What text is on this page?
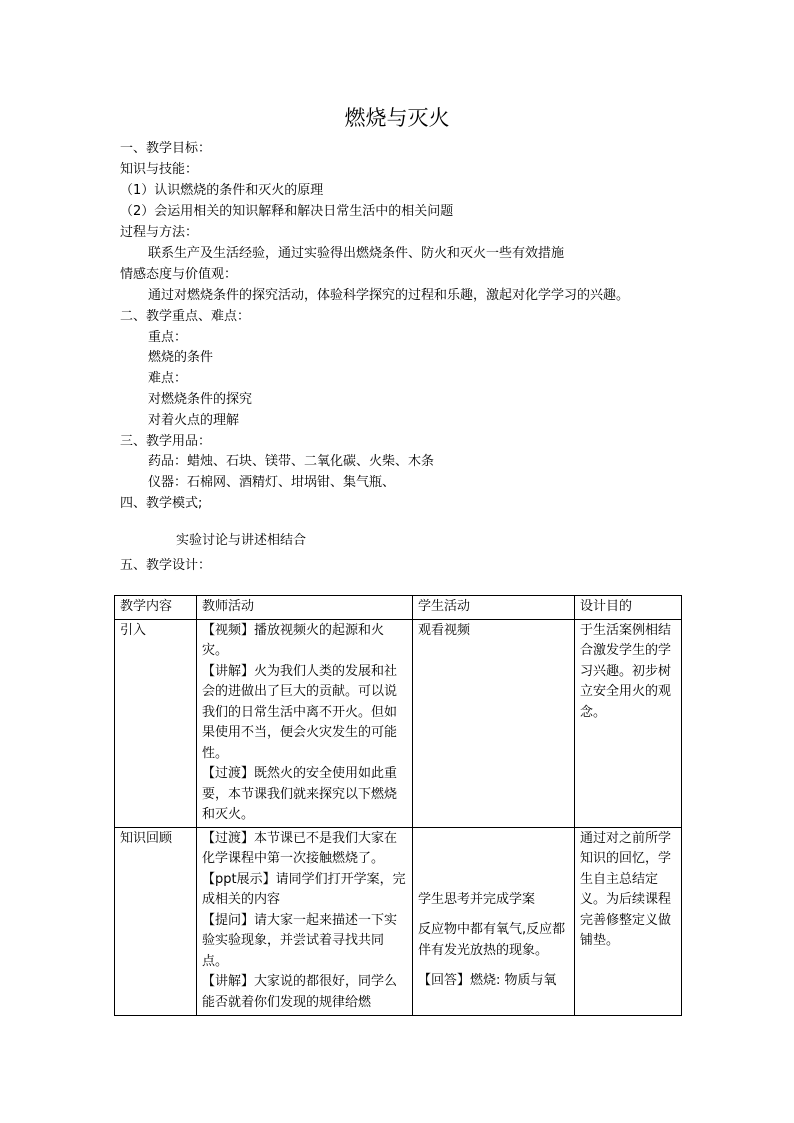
燃烧与灭火
一、教学目标：
知识与技能：
（1）认识燃烧的条件和灭火的原理
（2）会运用相关的知识解释和解决日常生活中的相关问题
过程与方法：
联系生产及生活经验，通过实验得出燃烧条件、防火和灭火一些有效措施
情感态度与价值观：
通过对燃烧条件的探究活动，体验科学探究的过程和乐趣，激起对化学学习的兴趣。
二、教学重点、难点：
重点：
燃烧的条件
难点：
对燃烧条件的探究
对着火点的理解
三、教学用品：
药品：蜡烛、石块、镁带、二氧化碳、火柴、木条
仪器：石棉网、酒精灯、坩埚钳、集气瓶、
四、教学模式;
实验讨论与讲述相结合
五、教学设计：
教学内容	教师活动	学生活动	设计目的
引入	【视频】播放视频火的起源和火灾。
【讲解】火为我们人类的发展和社会的进做出了巨大的贡献。可以说我们的日常生活中离不开火。但如果使用不当，便会火灾发生的可能性。
【过渡】既然火的安全使用如此重要，本节课我们就来探究以下燃烧和灭火。	观看视频	于生活案例相结合激发学生的学习兴趣。初步树立安全用火的观念。
知识回顾	【过渡】本节课已不是我们大家在化学课程中第一次接触燃烧了。
【ppt展示】请同学们打开学案，完成相关的内容
【提问】请大家一起来描述一下实验实验现象，并尝试着寻找共同点。
【讲解】大家说的都很好，同学么能否就着你们发现的规律给燃	学生思考并完成学案
反应物中都有氧气,反应都伴有发光放热的现象。
【回答】燃烧: 物质与氧	通过对之前所学知识的回忆，学生自主总结定义。为后续课程完善修整定义做铺垫。
